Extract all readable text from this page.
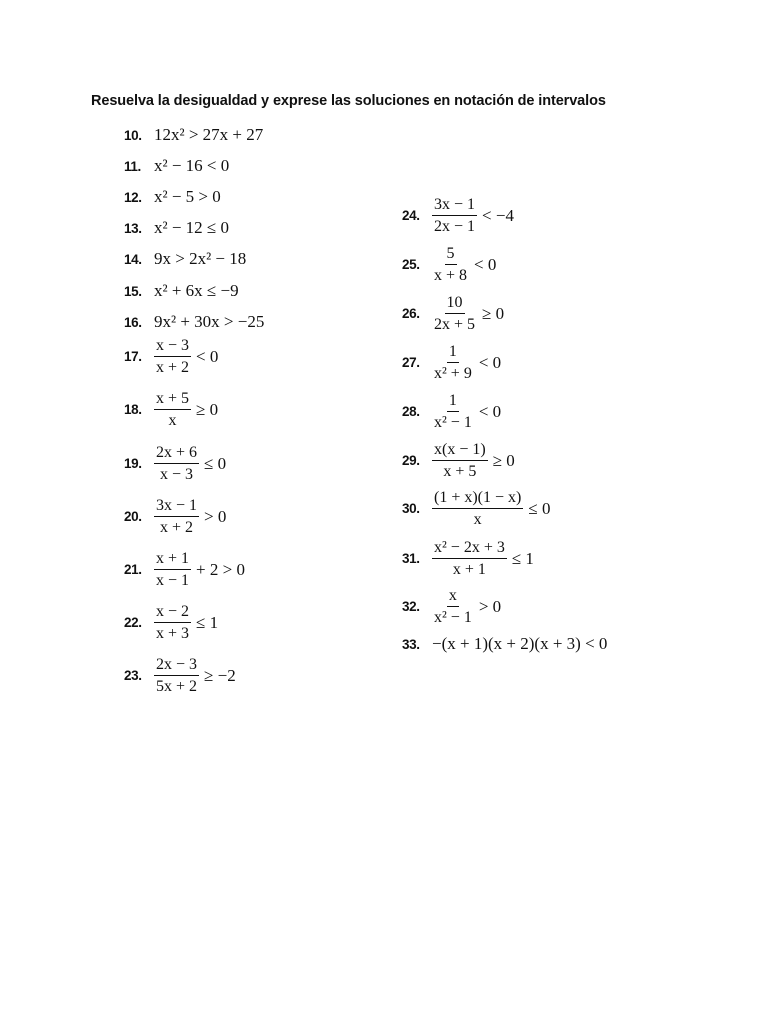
Resuelva la desigualdad y exprese las soluciones en notación de intervalos
10. 12x² > 27x + 27
11. x² − 16 < 0
12. x² − 5 > 0
13. x² − 12 ≤ 0
14. 9x > 2x² − 18
15. x² + 6x ≤ −9
16. 9x² + 30x > −25
17. $\frac{x - 3}{x + 2} < 0$
18. $\frac{x + 5}{x} \ge 0$
19. $\frac{2x + 6}{x - 3} \le 0$
20. $\frac{3x - 1}{x + 2} > 0$
21. $\frac{x + 1}{x - 1} + 2 > 0$
22. $\frac{x - 2}{x + 3} \le 1$
23. $\frac{2x - 3}{5x + 2} \ge -2$
24. $\frac{3x - 1}{2x - 1} < -4$
25. $\frac{5}{x + 8} < 0$
26. $\frac{10}{2x + 5} \ge 0$
27. $\frac{1}{\text{x² + 9}} < 0$
28. $\frac{1}{\text{x² − 1}} < 0$
29. $\frac{x(x - 1)}{x + 5} \ge 0$
30. $\frac{(1 + x)(1 - x)}{x} \le 0$
31. $\frac{\text{x² − 2x + 3}}{x + 1} \le 1$
32. $\frac{x}{\text{x² − 1}} > 0$
33. −(x + 1)(x + 2)(x + 3) < 0
